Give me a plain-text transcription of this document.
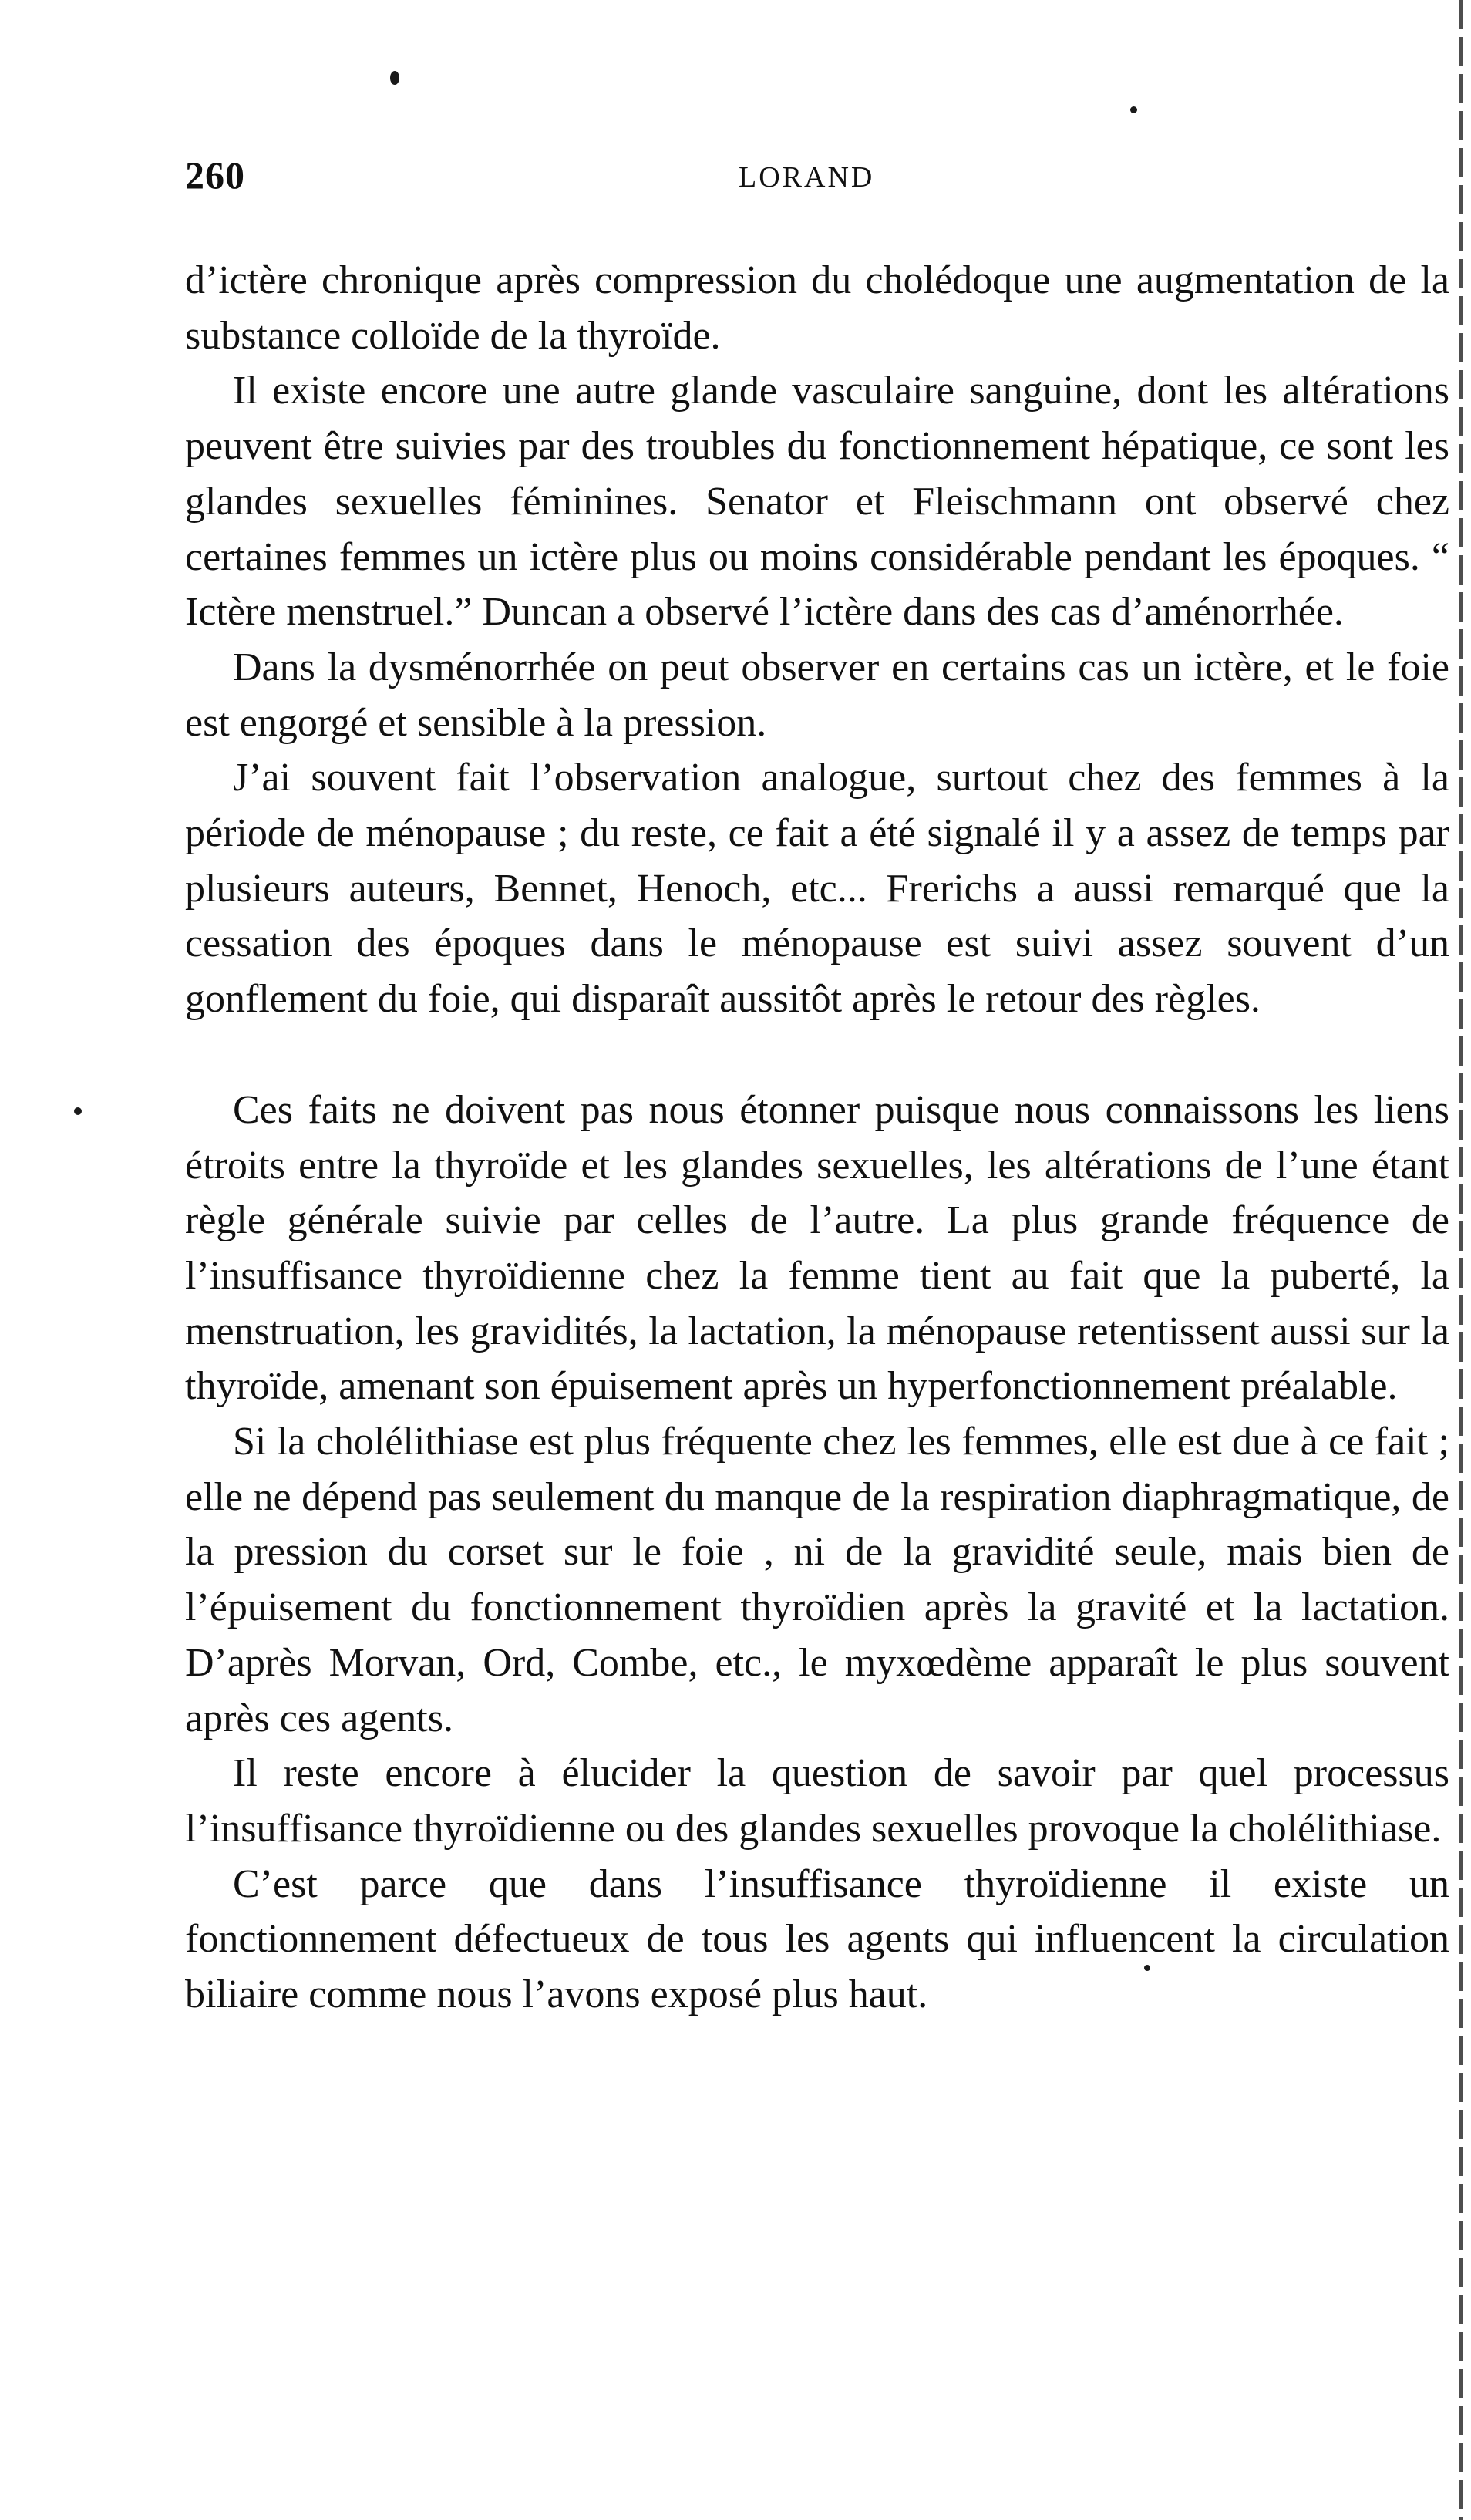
260	LORAND

d’ictère chronique après compression du cholédoque une augmentation de la substance colloïde de la thyroïde.

Il existe encore une autre glande vasculaire sanguine, dont les altérations peuvent être suivies par des troubles du fonctionnement hépatique, ce sont les glandes sexuelles féminines. Senator et Fleischmann ont observé chez certaines femmes un ictère plus ou moins considérable pendant les époques. “ Ictère menstruel.” Duncan a observé l’ictère dans des cas d’aménorrhée.

Dans la dysménorrhée on peut observer en certains cas un ictère, et le foie est engorgé et sensible à la pression.

J’ai souvent fait l’observation analogue, surtout chez des femmes à la période de ménopause ; du reste, ce fait a été signalé il y a assez de temps par plusieurs auteurs, Bennet, Henoch, etc... Frerichs a aussi remarqué que la cessation des époques dans le ménopause est suivi assez souvent d’un gonflement du foie, qui disparaît aussitôt après le retour des règles.

Ces faits ne doivent pas nous étonner puisque nous connaissons les liens étroits entre la thyroïde et les glandes sexuelles, les altérations de l’une étant règle générale suivie par celles de l’autre. La plus grande fréquence de l’insuffisance thyroïdienne chez la femme tient au fait que la puberté, la menstruation, les gravidités, la lactation, la ménopause retentissent aussi sur la thyroïde, amenant son épuisement après un hyperfonctionnement préalable.

Si la cholélithiase est plus fréquente chez les femmes, elle est due à ce fait ; elle ne dépend pas seulement du manque de la respiration diaphragmatique, de la pression du corset sur le foie , ni de la gravidité seule, mais bien de l’épuisement du fonctionnement thyroïdien après la gravité et la lactation. D’après Morvan, Ord, Combe, etc., le myxœdème apparaît le plus souvent après ces agents.

Il reste encore à élucider la question de savoir par quel processus l’insuffisance thyroïdienne ou des glandes sexuelles provoque la cholélithiase.

C’est parce que dans l’insuffisance thyroïdienne il existe un fonctionnement défectueux de tous les agents qui influencent la circulation biliaire comme nous l’avons exposé plus haut.
